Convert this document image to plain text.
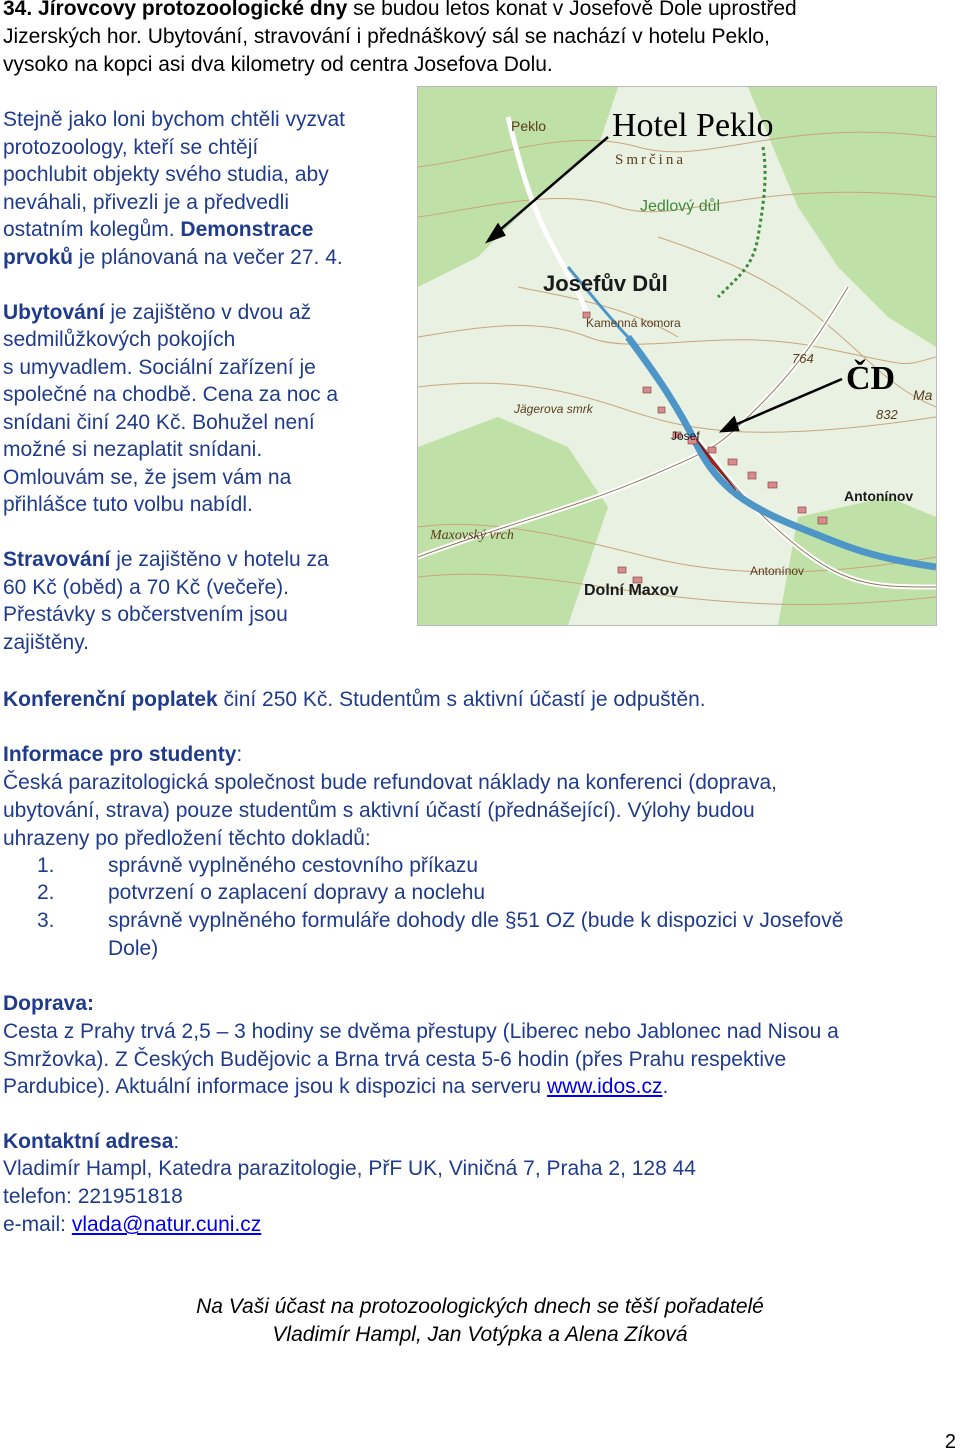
34. Jírovcovy protozoologické dny se budou letos konat v Josefově Dole uprostřed
Jizerských hor. Ubytování, stravování i přednáškový sál se nachází v hotelu Peklo,
vysoko na kopci asi dva kilometry od centra Josefova Dolu.
Stejně jako loni bychom chtěli vyzvat
protozoology, kteří se chtějí
pochlubit objekty svého studia, aby
neváhali, přivezli je a předvedli
ostatním kolegům. Demonstrace
prvoků je plánovaná na večer 27. 4.
Ubytování je zajištěno v dvou až
sedmilůžkových pokojích
s umyvadlem. Sociální zařízení je
společné na chodbě. Cena za noc a
snídani činí 240 Kč. Bohužel není
možné si nezaplatit snídani.
Omlouvám se, že jsem vám na
přihlášce tuto volbu nabídl.
Stravování je zajištěno v hotelu za
60 Kč (oběd) a 70 Kč (večeře).
Přestávky s občerstvením jsou
zajištěny.
Hotel Peklo
ČD
Peklo
Smrčina
Jedlový důl
Josefův Důl
Kamenná komora
Jägerova smrk
Josef
764
832
Ma
Antonínov
Maxovský vrch
Antonínov
Dolní Maxov
Konferenční poplatek činí 250 Kč. Studentům s aktivní účastí je odpuštěn.
Informace pro studenty:
Česká parazitologická společnost bude refundovat náklady na konferenci (doprava,
ubytování, strava) pouze studentům s aktivní účastí (přednášející). Výlohy budou
uhrazeny po předložení těchto dokladů:
1.	správně vyplněného cestovního příkazu
2.	potvrzení o zaplacení dopravy a noclehu
3.	správně vyplněného formuláře dohody dle §51 OZ (bude k dispozici v Josefově
Dole)
Doprava:
Cesta z Prahy trvá 2,5 – 3 hodiny se dvěma přestupy (Liberec nebo Jablonec nad Nisou a
Smržovka). Z Českých Budějovic a Brna trvá cesta 5-6 hodin (přes Prahu respektive
Pardubice). Aktuální informace jsou k dispozici na serveru www.idos.cz.
Kontaktní adresa:
Vladimír Hampl, Katedra parazitologie, PřF UK, Viničná 7, Praha 2, 128 44
telefon: 221951818
e-mail: vlada@natur.cuni.cz
Na Vaši účast na protozoologických dnech se těší pořadatelé
Vladimír Hampl, Jan Votýpka a Alena Zíková
2
